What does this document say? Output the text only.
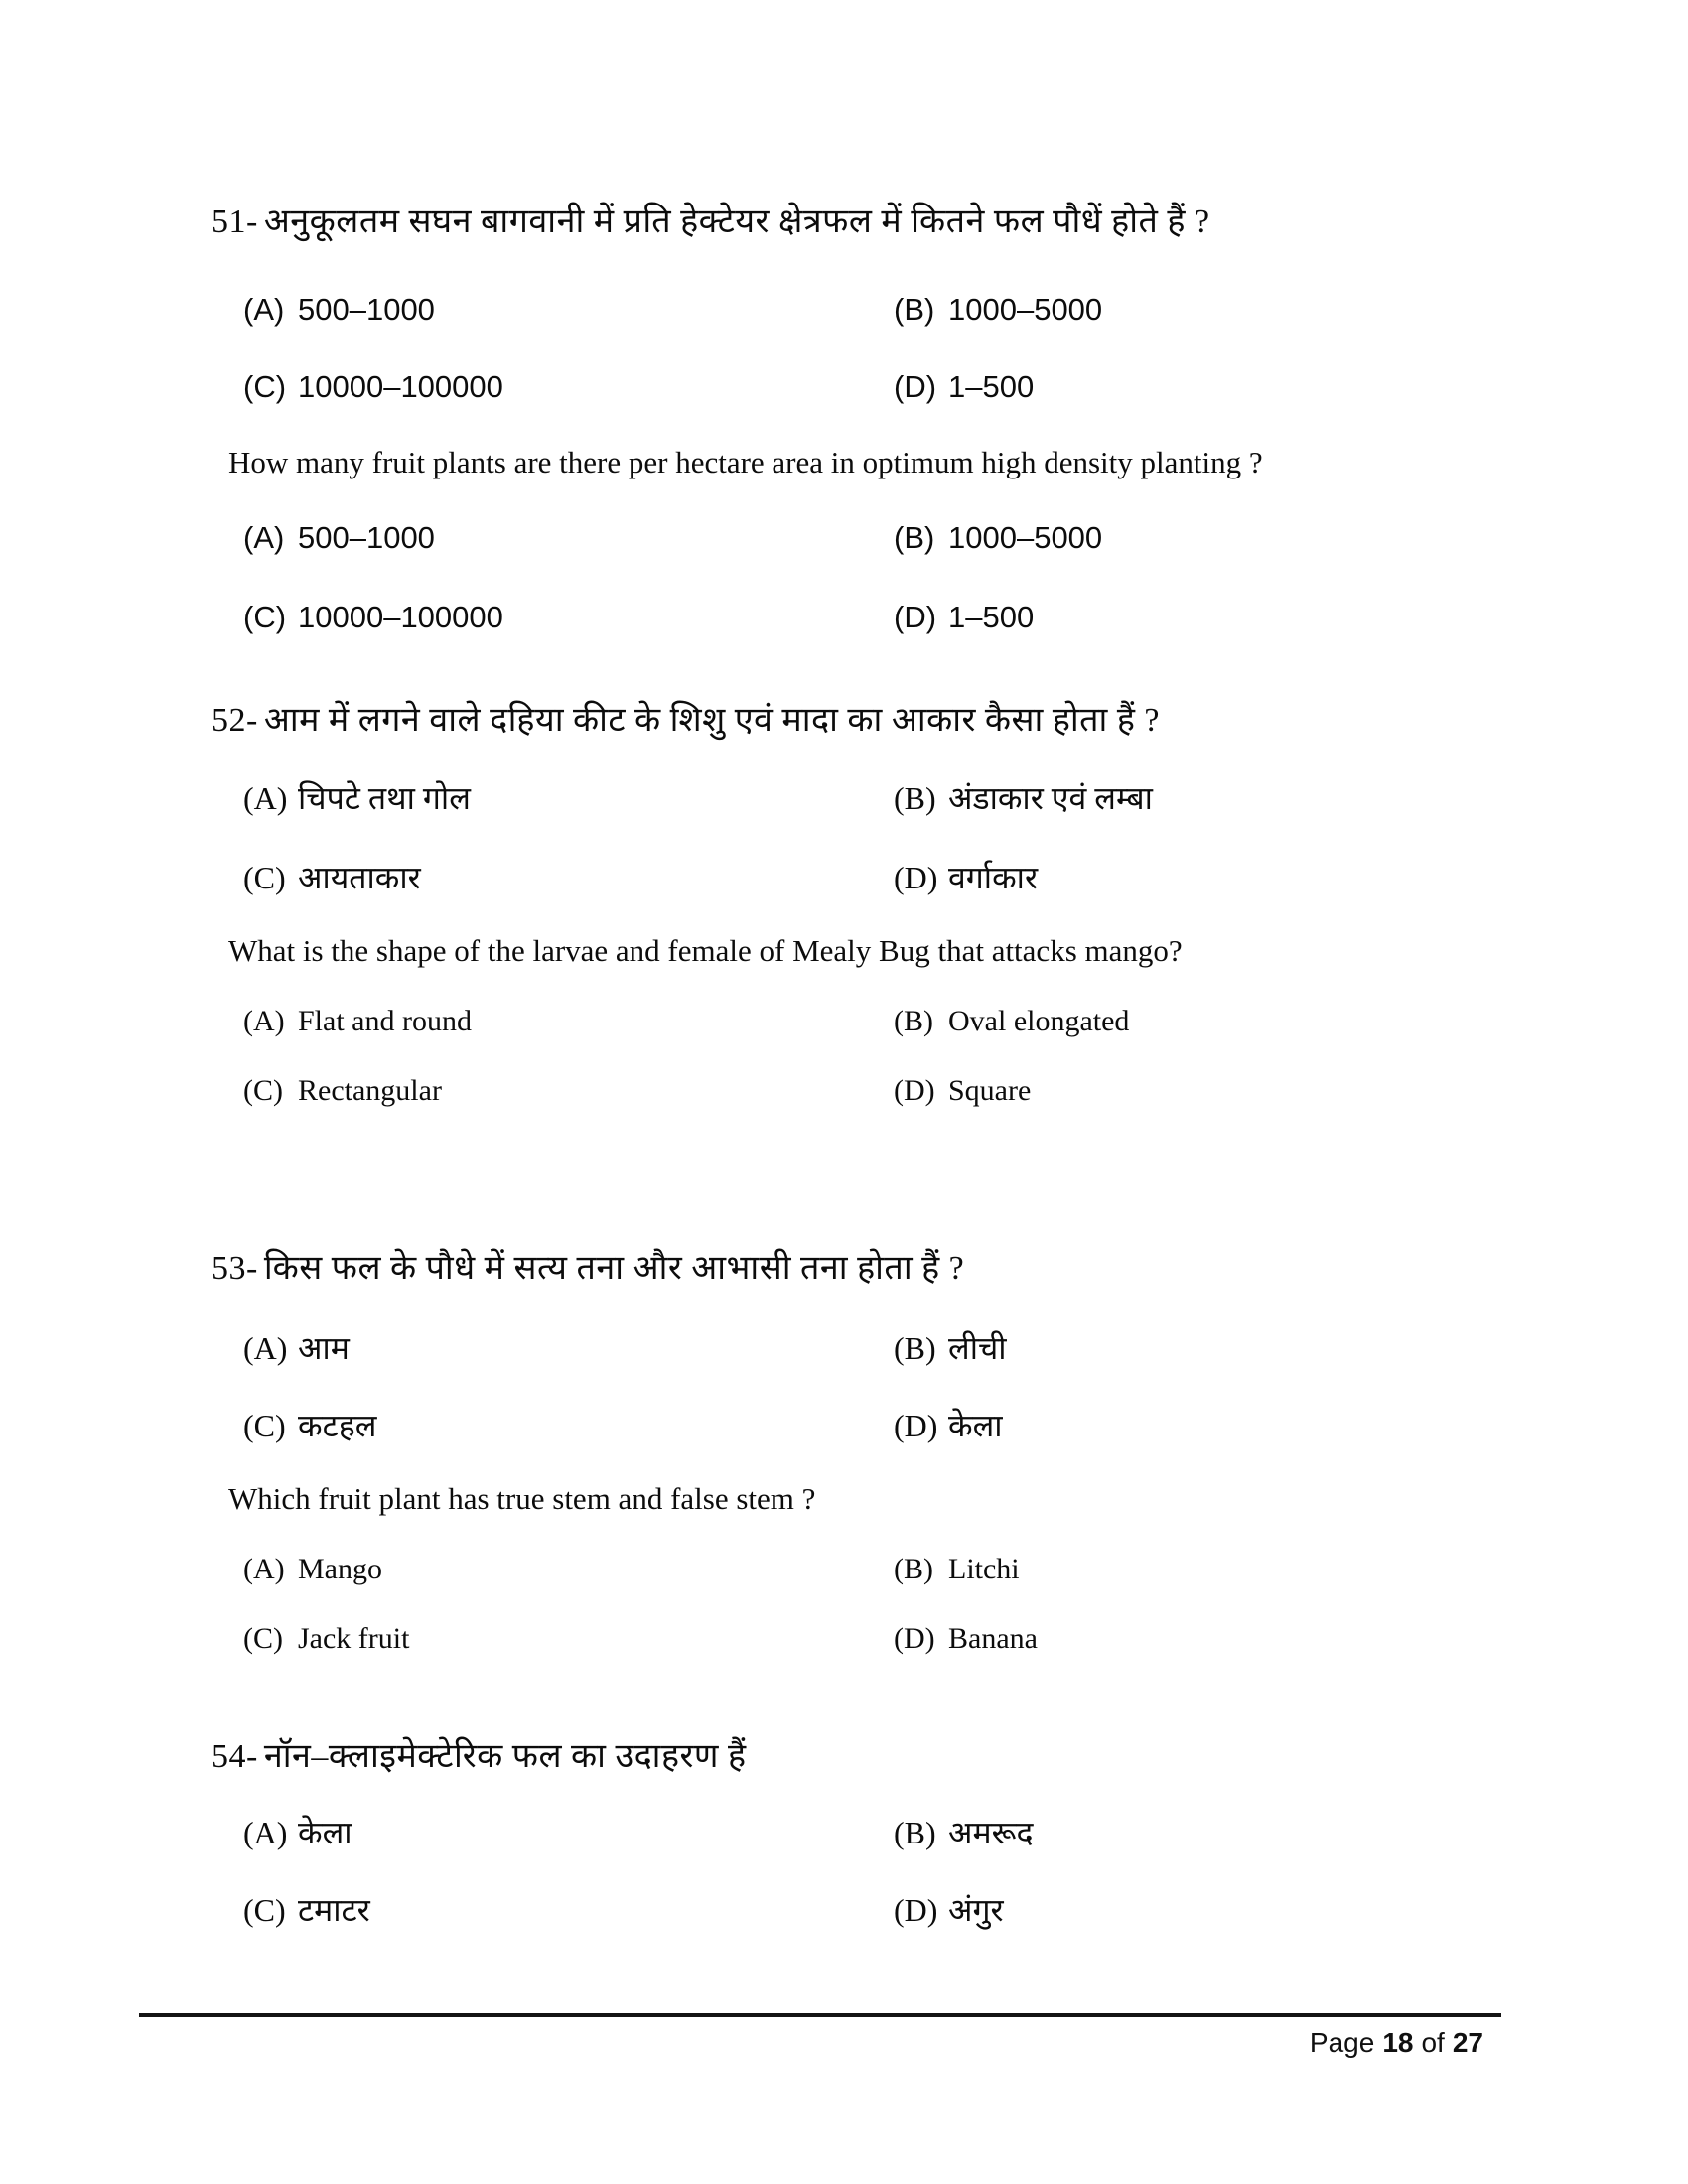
51- अनुकूलतम सघन बागवानी में प्रति हेक्टेयर क्षेत्रफल में कितने फल पौधें होते हैं ?
(A) 500–1000	(B) 1000–5000
(C) 10000–100000	(D) 1–500
How many fruit plants are there per hectare area in optimum high density planting ?
(A) 500–1000	(B) 1000–5000
(C) 10000–100000	(D) 1–500
52- आम में लगने वाले दहिया कीट के शिशु एवं मादा का आकार कैसा होता हैं ?
(A) चिपटे तथा गोल	(B) अंडाकार एवं लम्बा
(C) आयताकार	(D) वर्गाकार
What is the shape of the larvae and female of Mealy Bug that attacks mango?
(A) Flat and round	(B) Oval elongated
(C) Rectangular	(D) Square
53- किस फल के पौधे में सत्य तना और आभासी तना होता हैं ?
(A) आम	(B) लीची
(C) कटहल	(D) केला
Which fruit plant has true stem and false stem ?
(A) Mango	(B) Litchi
(C) Jack fruit	(D) Banana
54- नॉन–क्लाइमेक्टेरिक फल का उदाहरण हैं
(A) केला	(B) अमरूद
(C) टमाटर	(D) अंगुर
Page 18 of 27
